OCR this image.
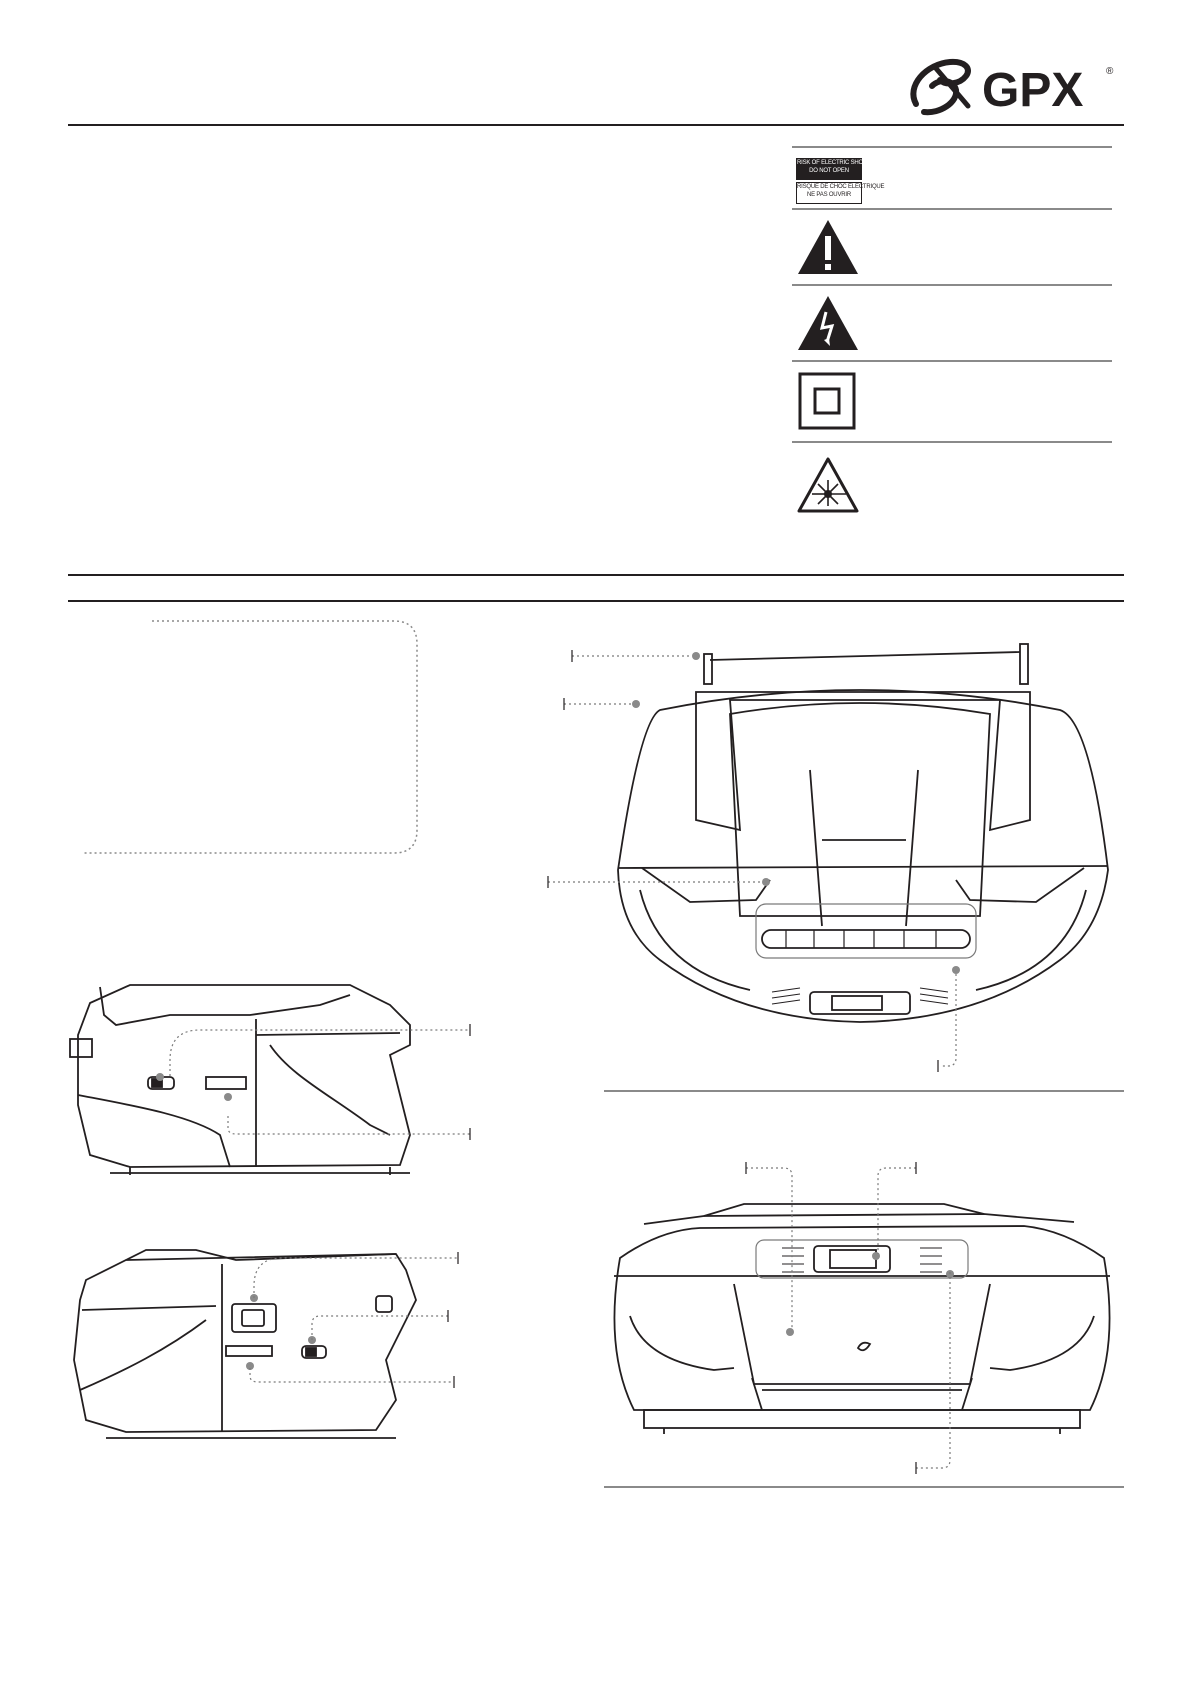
GPX ®
RISK OF ELECTRIC SHOCK
DO NOT OPEN
RISQUE DE CHOC ELECTRIQUE
NE PAS OUVRIR
